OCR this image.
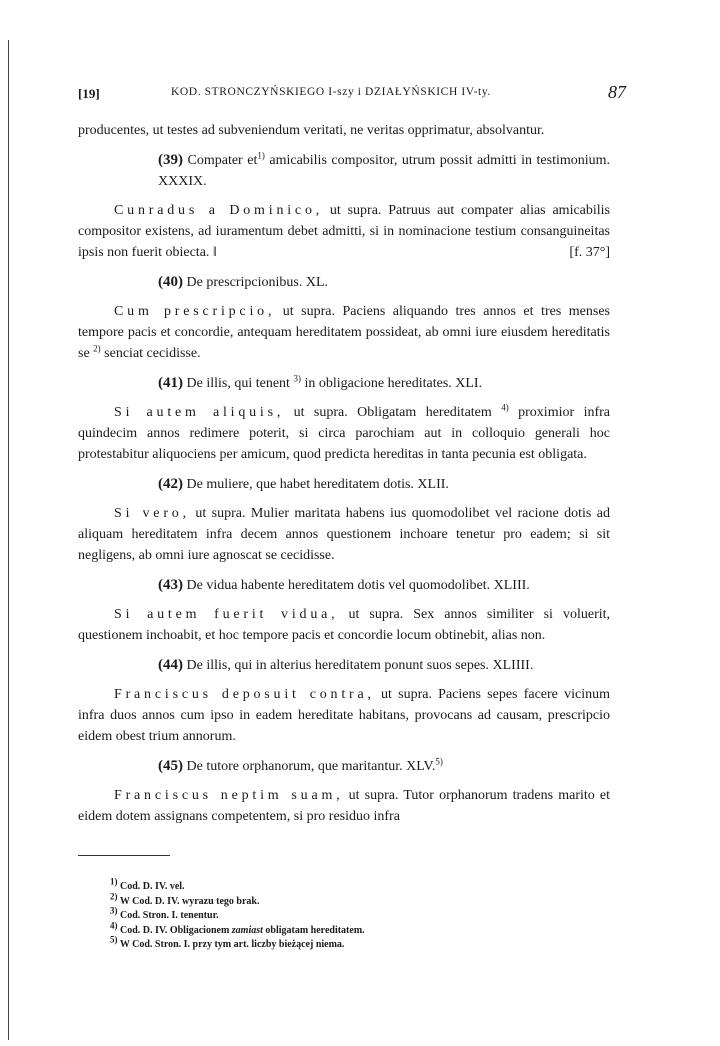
[19]	KOD. STRONCZYŃSKIEGO I-szy i DZIAŁYŃSKICH IV-ty.	87

producentes, ut testes ad subveniendum veritati, ne veritas opprimatur, absolvantur.

(39) Compater $et^{1)}$ amicabilis compositor, utrum possit admitti in testimonium. XXXIX.

Cunradus a Dominico, ut supra. Patruus aut compater alias amicabilis compositor existens, ad iuramentum debet admitti, si in nominacione testium consanguineitas ipsis non fuerit obiecta. ‖	[f. 37°]

(40) De prescripcionibus. XL.

Cum prescripcio, ut supra. Paciens aliquando tres annos et tres menses tempore pacis et concordie, antequam hereditatem possideat, ab omni iure eiusdem hereditatis se $^{2)}$ senciat cecidisse.

(41) De illis, qui tenent $^{3)}$ in obligacione hereditates. XLI.

Si autem aliquis, ut supra. Obligatam hereditatem $^{4)}$ proximior infra quindecim annos redimere poterit, si circa parochiam aut in colloquio generali hoc protestabitur aliquociens per amicum, quod predicta hereditas in tanta pecunia est obligata.

(42) De muliere, que habet hereditatem dotis. XLII.

Si vero, ut supra. Mulier maritata habens ius quomodolibet vel racione dotis ad aliquam hereditatem infra decem annos questionem inchoare tenetur pro eadem; si sit negligens, ab omni iure agnoscat se cecidisse.

(43) De vidua habente hereditatem dotis vel quomodolibet. XLIII.

Si autem fuerit vidua, ut supra. Sex annos similiter si voluerit, questionem inchoabit, et hoc tempore pacis et concordie locum obtinebit, alias non.

(44) De illis, qui in alterius hereditatem ponunt suos sepes. XLIIII.

Franciscus deposuit contra, ut supra. Paciens sepes facere vicinum infra duos annos cum ipso in eadem hereditate habitans, provocans ad causam, prescripcio eidem obest trium annorum.

(45) De tutore orphanorum, que maritantur. XLV.$^{5)}$

Franciscus neptim suam, ut supra. Tutor orphanorum tradens marito et eidem dotem assignans competentem, si pro residuo infra

$^{1)}$ Cod. D. IV. vel.
$^{2)}$ W Cod. D. IV. wyrazu tego brak.
$^{3)}$ Cod. Stron. I. tenentur.
$^{4)}$ Cod. D. IV. Obligacionem zamiast obligatam hereditatem.
$^{5)}$ W Cod. Stron. I. przy tym art. liczby bieżącej niema.
